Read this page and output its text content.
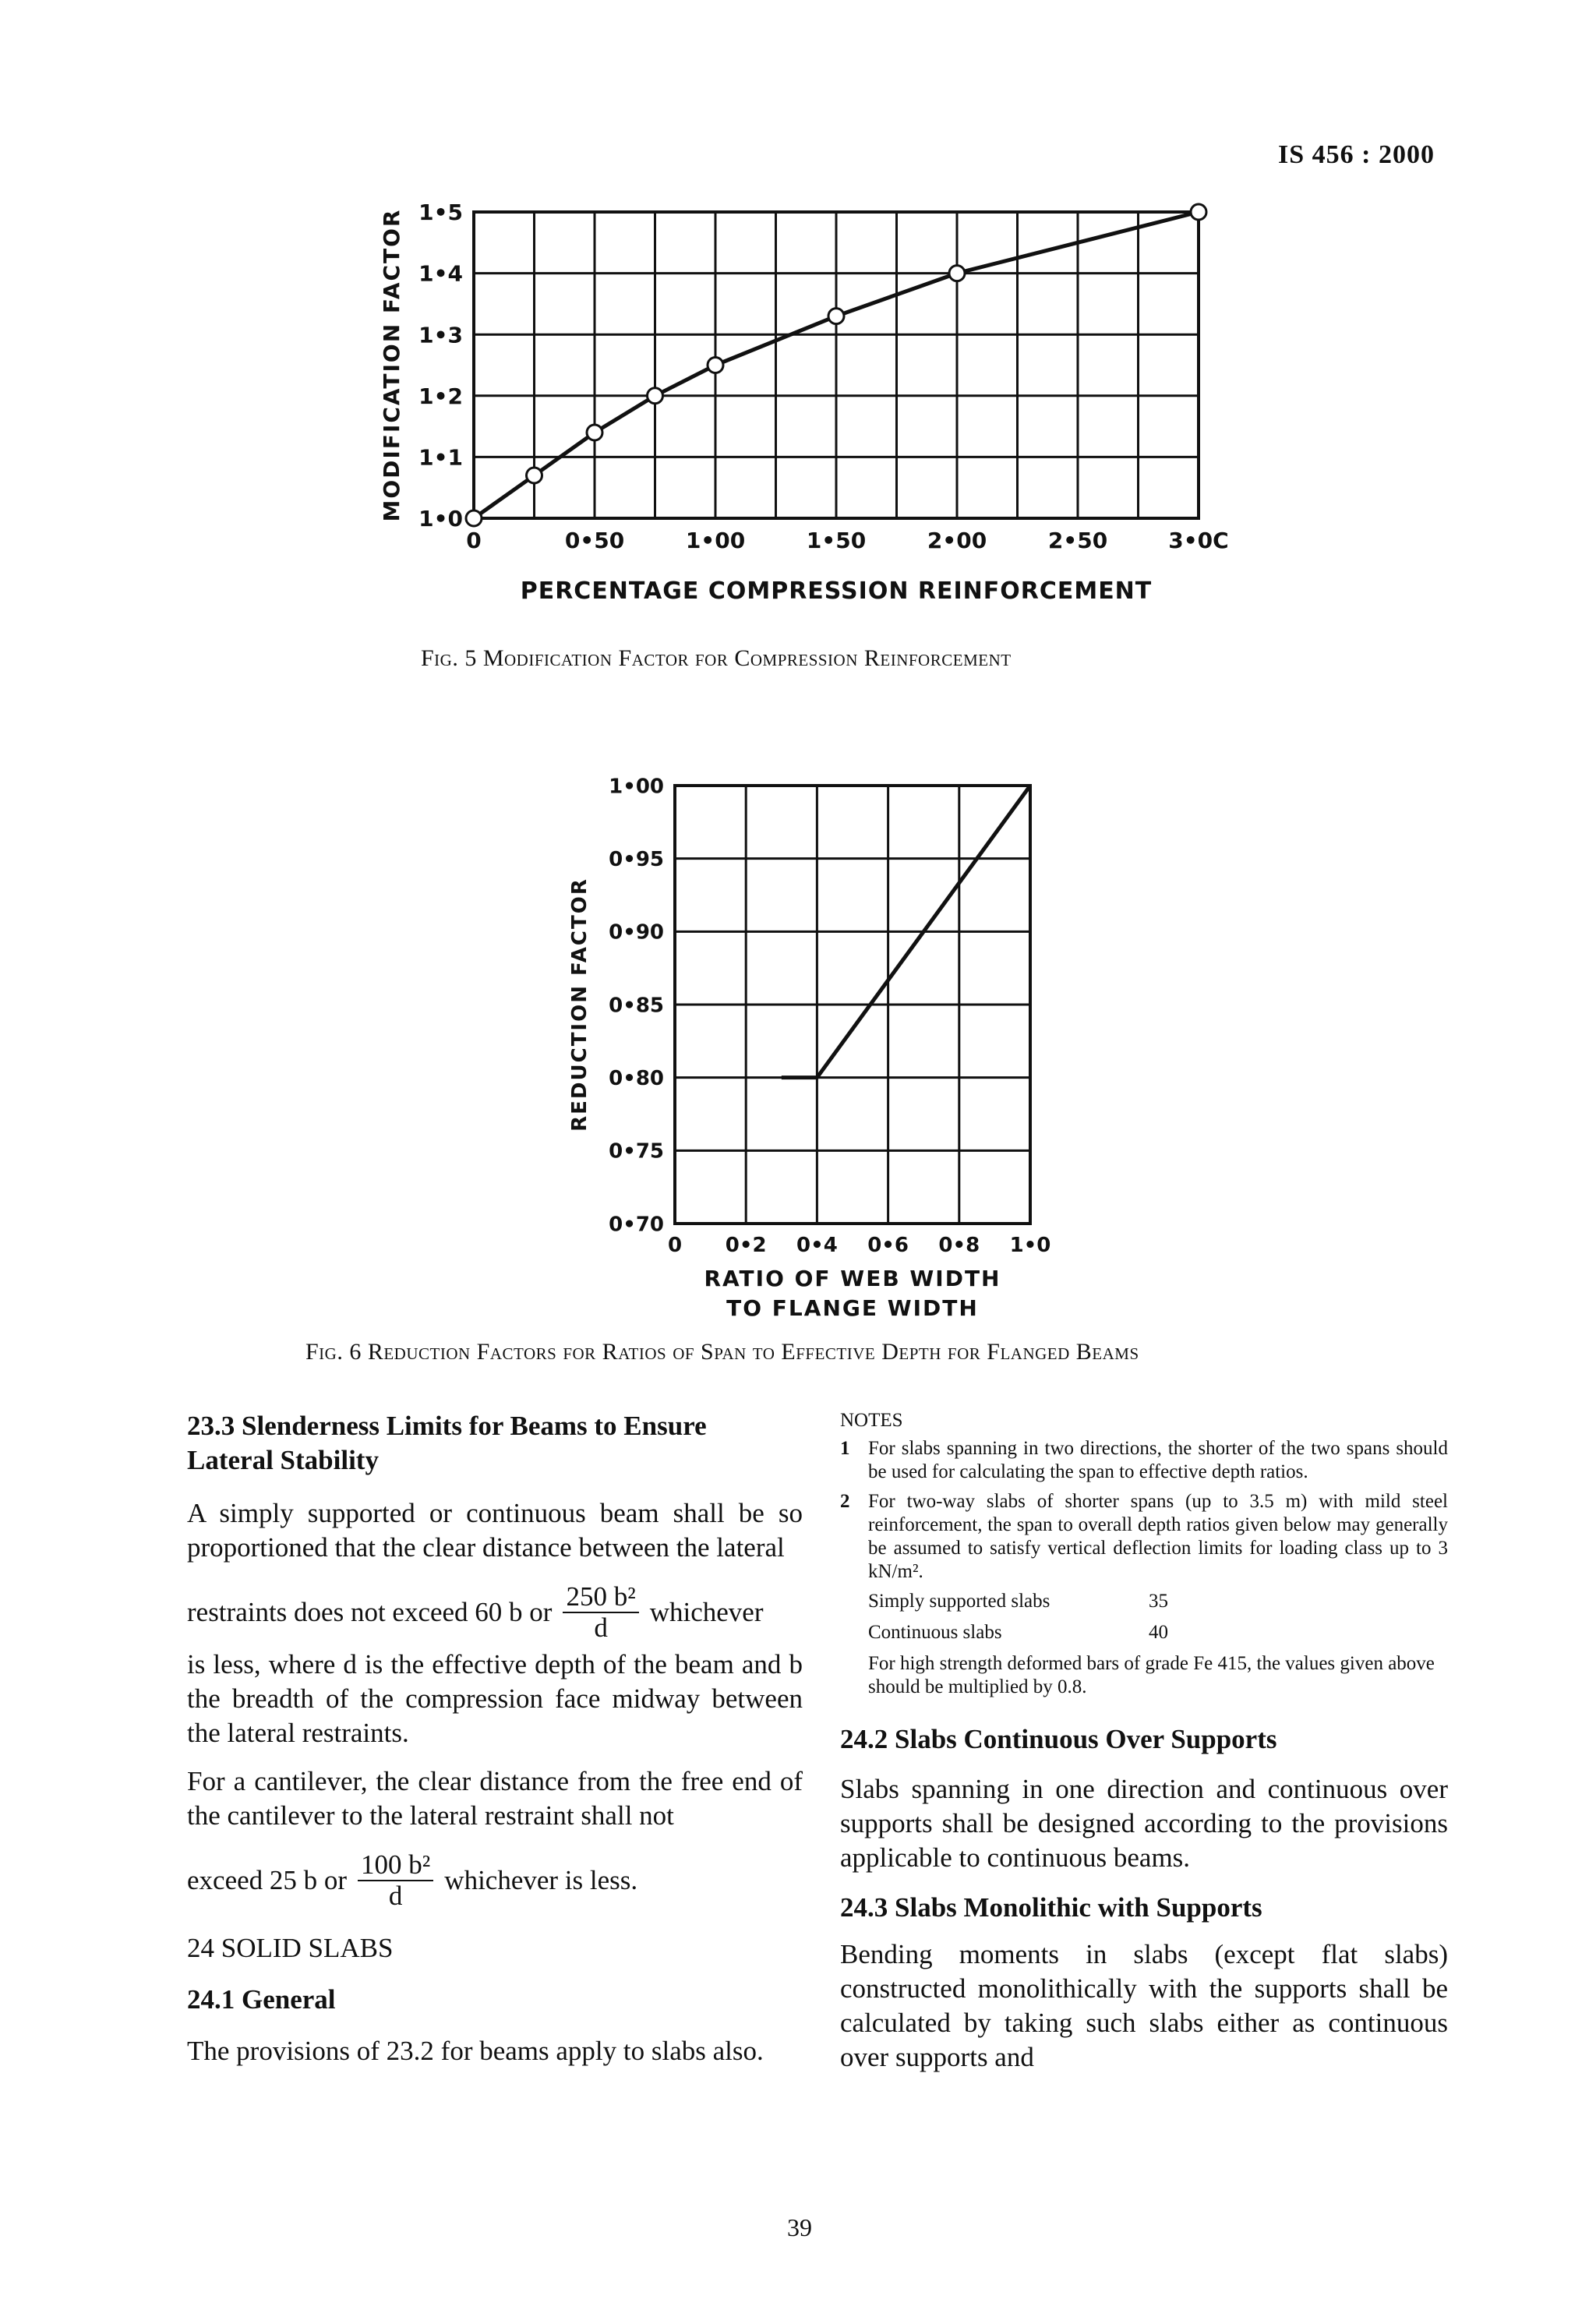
IS 456 : 2000
1•0
1•1
1•2
1•3
1•4
1•5
0	0•50	1•00	1•50	2•00	2•50	3•0C
MODIFICATION FACTOR
PERCENTAGE COMPRESSION REINFORCEMENT
Fig. 5 Modification Factor for Compression Reinforcement
0•70
0•75
0•80
0•85
0•90
0•95
1•00
0 0•2 0•4 0•6 0•8 1•0
REDUCTION FACTOR
RATIO OF WEB WIDTH
TO FLANGE WIDTH
Fig. 6 Reduction Factors for Ratios of Span to Effective Depth for Flanged Beams

23.3 Slenderness Limits for Beams to Ensure

Lateral Stability

A simply supported or continuous beam shall be so proportioned that the clear distance between the lateral

restraints does not exceed 60 b or $\frac{\text{250 b²}}{d}$ whichever

is less, where d is the effective depth of the beam and b the breadth of the compression face midway between the lateral restraints.

For a cantilever, the clear distance from the free end of the cantilever to the lateral restraint shall not

exceed 25 b or $\frac{\text{100 b²}}{d}$ whichever is less.

24 SOLID SLABS

24.1 General

The provisions of 23.2 for beams apply to slabs also.

NOTES

1 For slabs spanning in two directions, the shorter of the two spans should be used for calculating the span to effective depth ratios.
2 For two-way slabs of shorter spans (up to 3.5 m) with mild steel reinforcement, the span to overall depth ratios given below may generally be assumed to satisfy vertical deflection limits for loading class up to 3 kN/m².
Simply supported slabs	35
Continuous slabs	40

For high strength deformed bars of grade Fe 415, the values given above should be multiplied by 0.8.

24.2 Slabs Continuous Over Supports

Slabs spanning in one direction and continuous over supports shall be designed according to the provisions applicable to continuous beams.

24.3 Slabs Monolithic with Supports

Bending moments in slabs (except flat slabs) constructed monolithically with the supports shall be calculated by taking such slabs either as continuous over supports and

39
